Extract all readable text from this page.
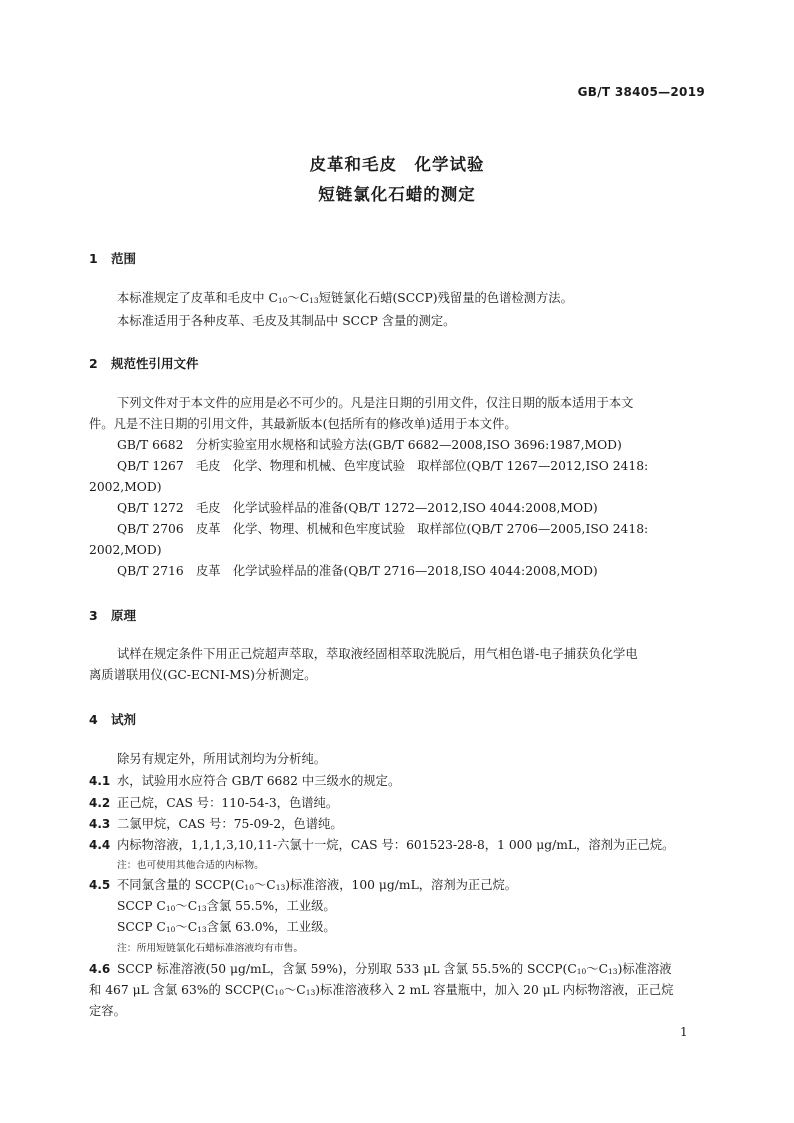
GB/T 38405—2019
皮革和毛皮　化学试验
短链氯化石蜡的测定
1 范围
本标准规定了皮革和毛皮中 $C_{10}\sim C_{13}$短链氯化石蜡(SCCP)残留量的色谱检测方法。
本标准适用于各种皮革、毛皮及其制品中 SCCP 含量的测定。
2 规范性引用文件
下列文件对于本文件的应用是必不可少的。凡是注日期的引用文件，仅注日期的版本适用于本文
件。凡是不注日期的引用文件，其最新版本(包括所有的修改单)适用于本文件。
GB/T 6682　分析实验室用水规格和试验方法(GB/T 6682—2008,ISO 3696:1987,MOD)
QB/T 1267　毛皮　化学、物理和机械、色牢度试验　取样部位(QB/T 1267—2012,ISO 2418:
2002,MOD)
QB/T 1272　毛皮　化学试验样品的准备(QB/T 1272—2012,ISO 4044:2008,MOD)
QB/T 2706　皮革　化学、物理、机械和色牢度试验　取样部位(QB/T 2706—2005,ISO 2418:
2002,MOD)
QB/T 2716　皮革　化学试验样品的准备(QB/T 2716—2018,ISO 4044:2008,MOD)
3 原理
试样在规定条件下用正己烷超声萃取，萃取液经固相萃取洗脱后，用气相色谱-电子捕获负化学电
离质谱联用仪(GC-ECNI-MS)分析测定。
4 试剂
除另有规定外，所用试剂均为分析纯。
4.1 水，试验用水应符合 GB/T 6682 中三级水的规定。
4.2 正己烷，CAS 号：110-54-3，色谱纯。
4.3 二氯甲烷，CAS 号：75-09-2，色谱纯。
4.4 内标物溶液，1,1,1,3,10,11-六氯十一烷，CAS 号：601523-28-8，1 000 μg/mL，溶剂为正己烷。
注：也可使用其他合适的内标物。
4.5 不同氯含量的 $SCCP(C_{10}\sim C_{13})$标准溶液，100 μg/mL，溶剂为正己烷。
SCCP $C_{10}\sim C_{13}$含氯 55.5%，工业级。
SCCP $C_{10}\sim C_{13}$含氯 63.0%，工业级。
注：所用短链氯化石蜡标准溶液均有市售。
4.6 SCCP 标准溶液(50 μg/mL，含氯 59%)，分别取 533 μL 含氯 55.5%的 $SCCP(C_{10}\sim C_{13})$标准溶液
和 467 μL 含氯 63%的 $SCCP(C_{10}\sim C_{13})$标准溶液移入 2 mL 容量瓶中，加入 20 μL 内标物溶液，正己烷
定容。
1
